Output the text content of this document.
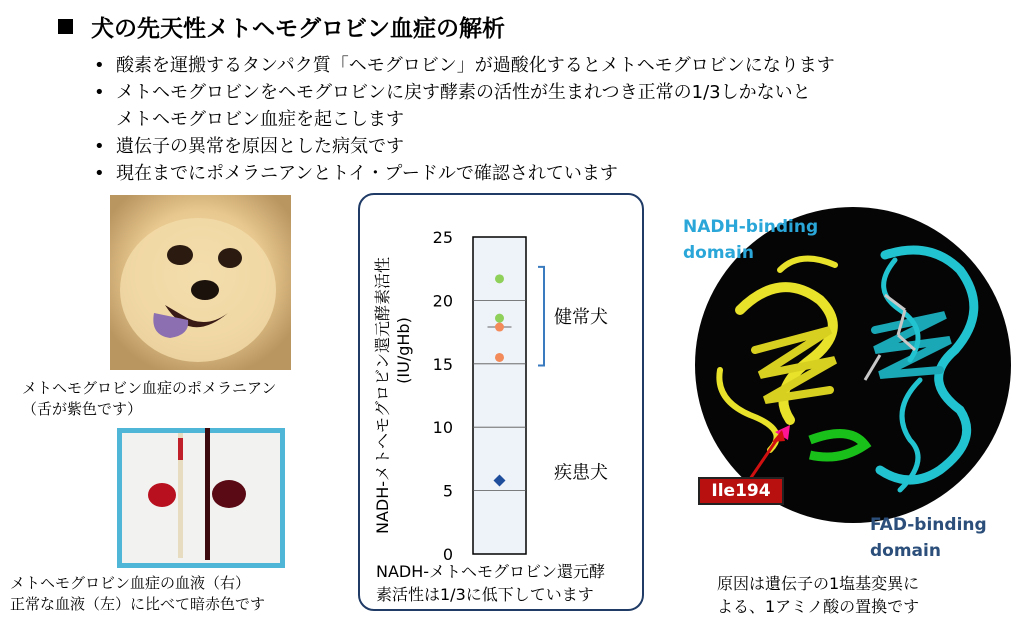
犬の先天性メトヘモグロビン血症の解析
• 酸素を運搬するタンパク質「ヘモグロビン」が過酸化するとメトヘモグロビンになります
• メトヘモグロビンをヘモグロビンに戻す酵素の活性が生まれつき正常の1/3しかないと
メトヘモグロビン血症を起こします
• 遺伝子の異常を原因とした病気です
• 現在までにポメラニアンとトイ・プードルで確認されています
メトヘモグロビン血症のポメラニアン
（舌が紫色です）
メトヘモグロビン血症の血液（右）
正常な血液（左）に比べて暗赤色です
0
5
10
15
20
25
健常犬
疾患犬
NADH-メトヘモグロビン還元酵素活性 (IU/gHb)
NADH-メトヘモグロビン還元酵
素活性は1/3に低下しています
NADH-binding
domain
FAD-binding
domain
Ile194
原因は遺伝子の1塩基変異に
よる、1アミノ酸の置換です
